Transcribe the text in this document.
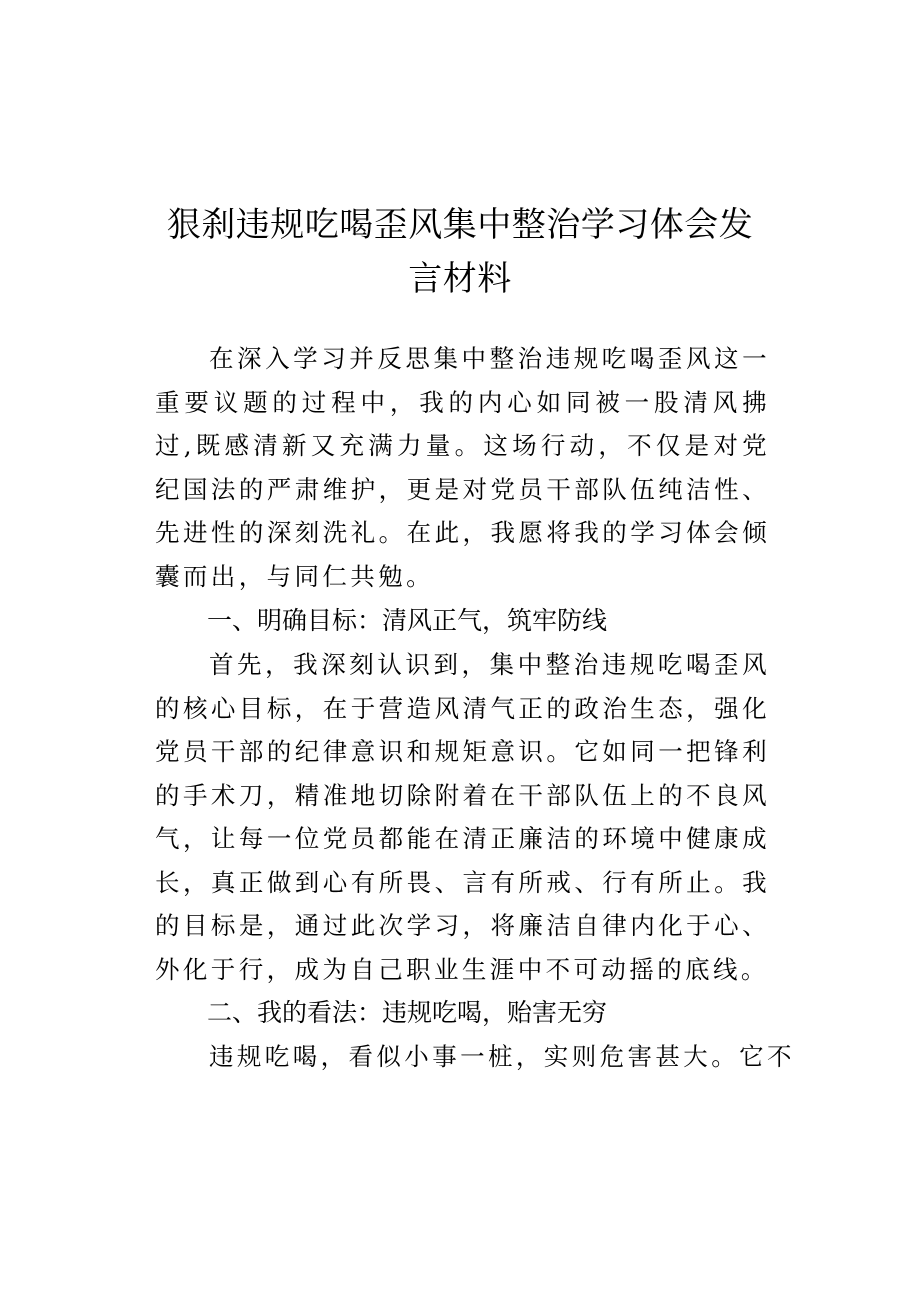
狠刹违规吃喝歪风集中整治学习体会发
言材料

在深入学习并反思集中整治违规吃喝歪风这一重要议题的过程中，我的内心如同被一股清风拂过,既感清新又充满力量。这场行动，不仅是对党纪国法的严肃维护，更是对党员干部队伍纯洁性、先进性的深刻洗礼。在此，我愿将我的学习体会倾囊而出，与同仁共勉。

一、明确目标：清风正气，筑牢防线

首先，我深刻认识到，集中整治违规吃喝歪风的核心目标，在于营造风清气正的政治生态，强化党员干部的纪律意识和规矩意识。它如同一把锋利的手术刀，精准地切除附着在干部队伍上的不良风气，让每一位党员都能在清正廉洁的环境中健康成长，真正做到心有所畏、言有所戒、行有所止。我的目标是，通过此次学习，将廉洁自律内化于心、外化于行，成为自己职业生涯中不可动摇的底线。

二、我的看法：违规吃喝，贻害无穷

违规吃喝，看似小事一桩，实则危害甚大。它不
